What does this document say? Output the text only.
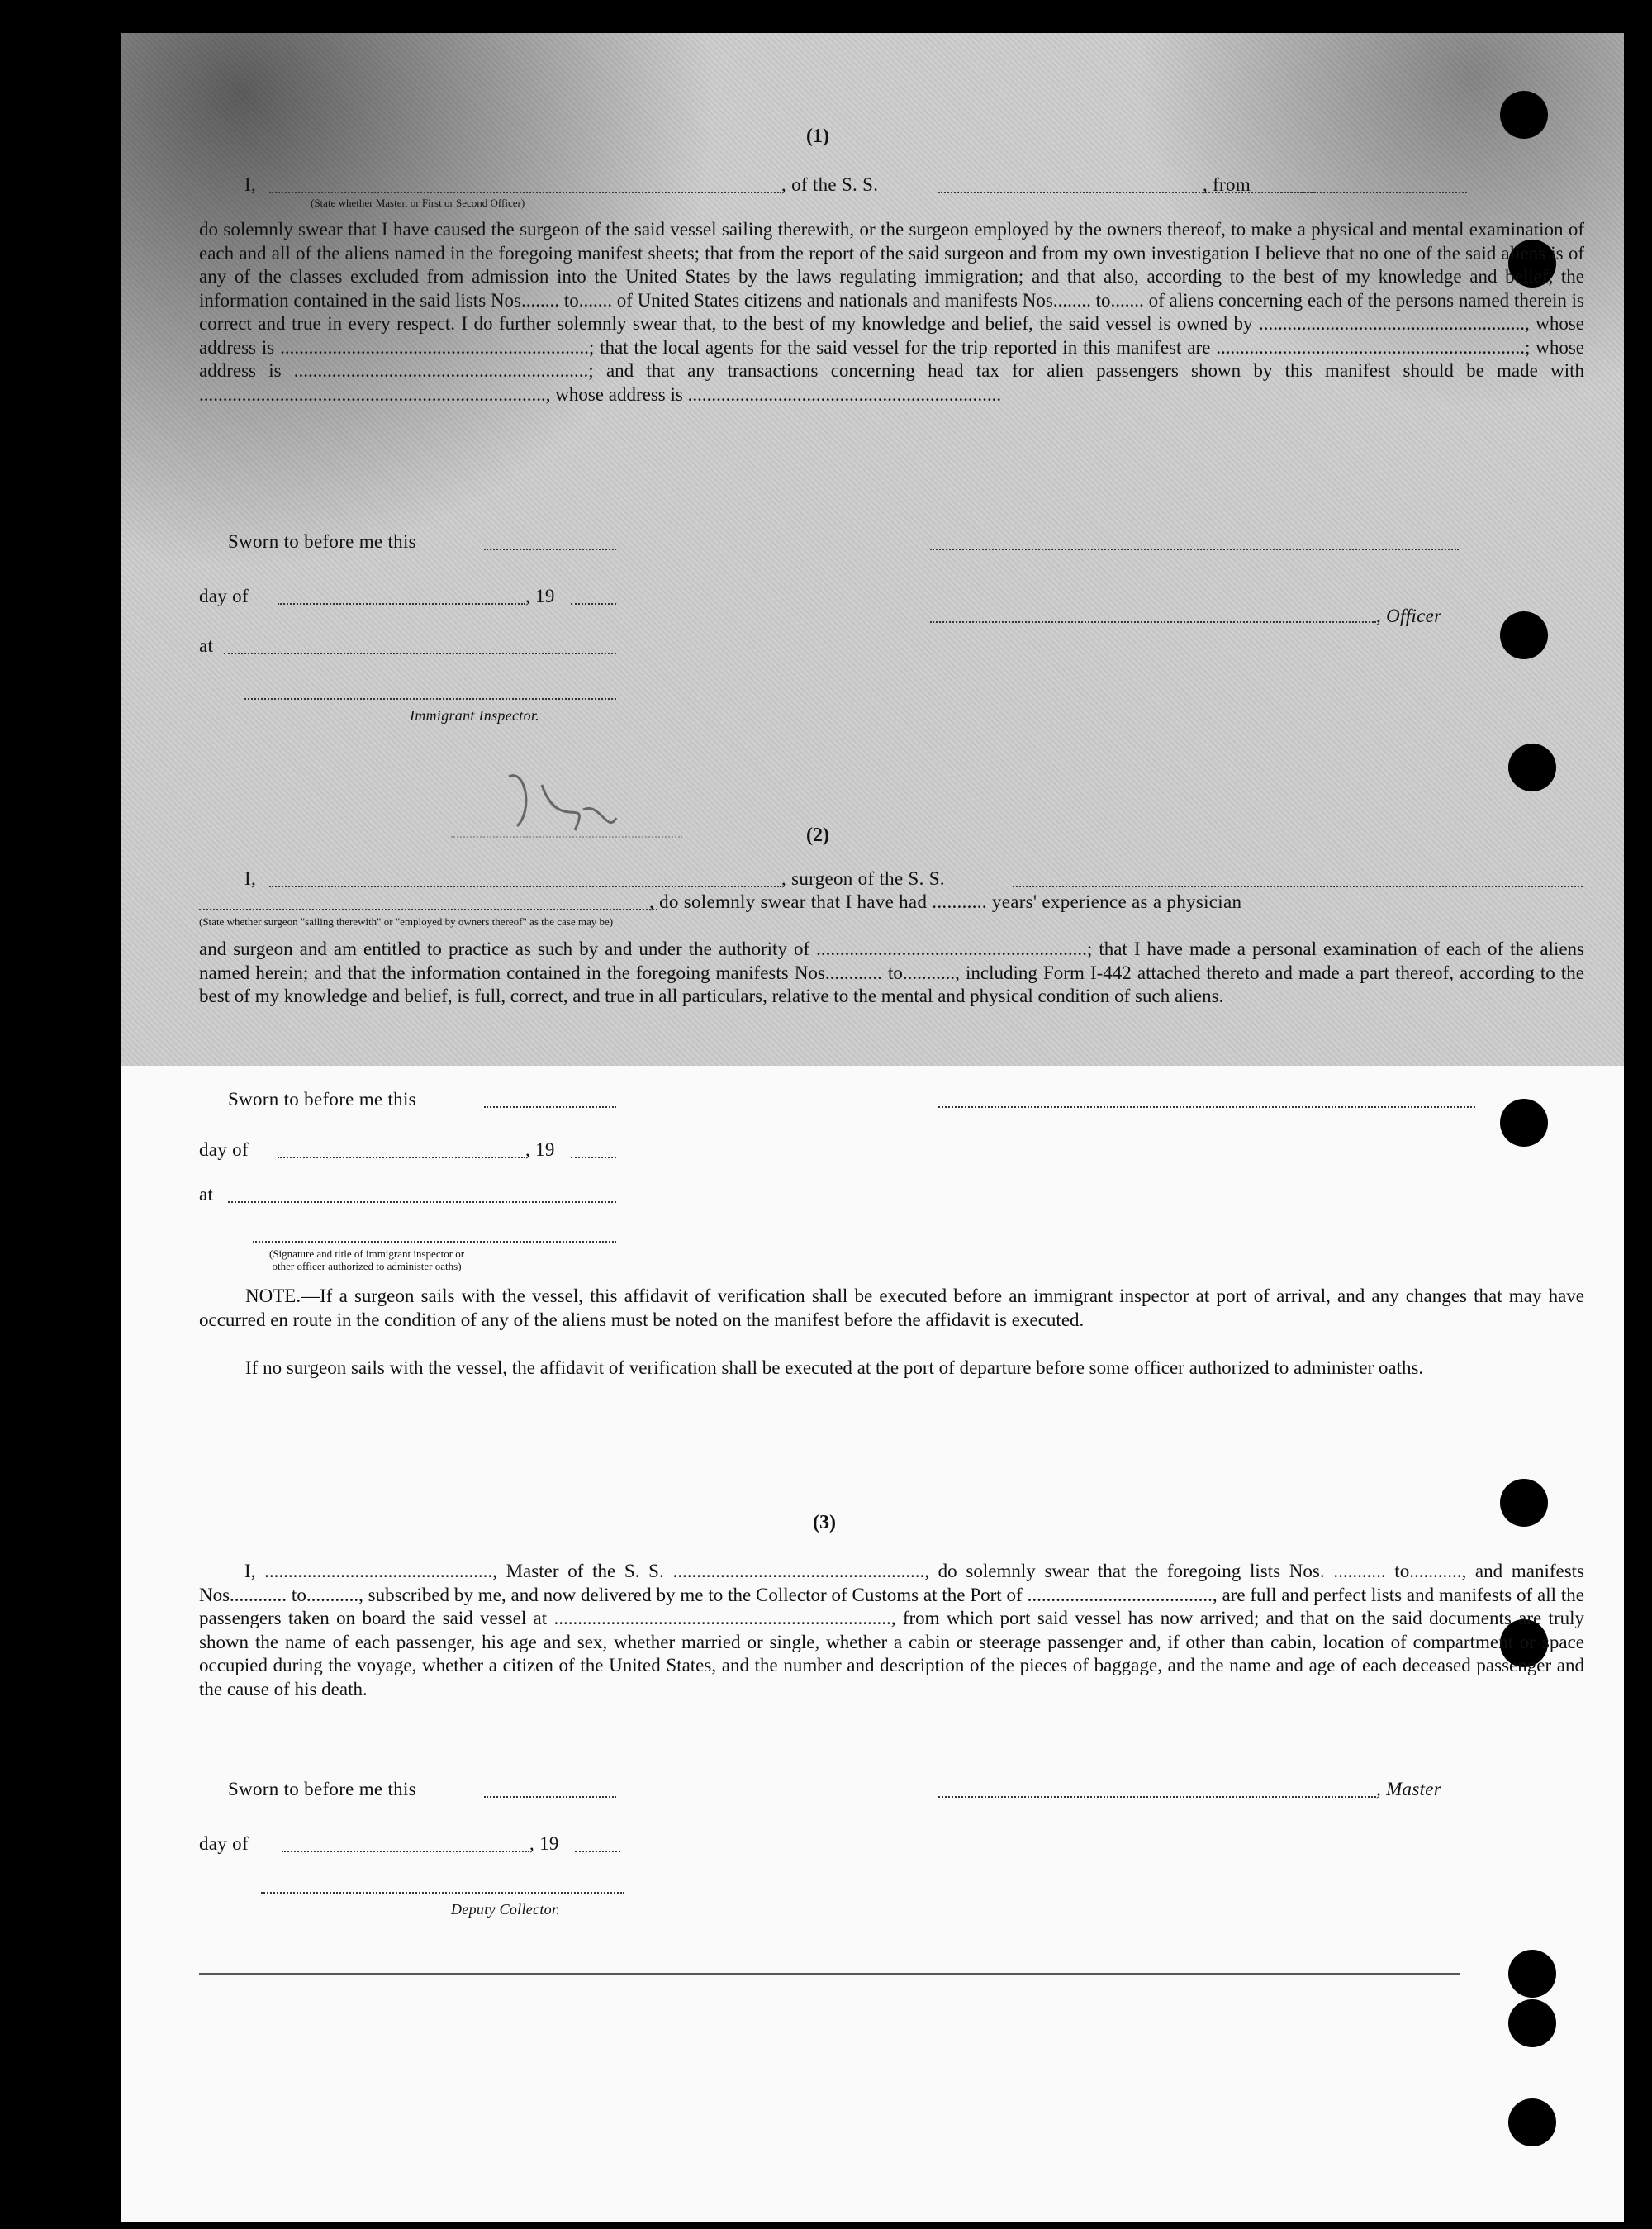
(1)
I,	, of the S. S.	, from
(State whether Master, or First or Second Officer)
do solemnly swear that I have caused the surgeon of the said vessel sailing therewith, or the surgeon employed by the owners thereof, to make a physical and mental examination of each and all of the aliens named in the foregoing manifest sheets; that from the report of the said surgeon and from my own investigation I believe that no one of the said aliens is of any of the classes excluded from admission into the United States by the laws regulating immigration; and that also, according to the best of my knowledge and belief, the information contained in the said lists Nos........ to....... of United States citizens and nationals and manifests Nos........ to....... of aliens concerning each of the persons named therein is correct and true in every respect. I do further solemnly swear that, to the best of my knowledge and belief, the said vessel is owned by ........................................................, whose address is .................................................................; that the local agents for the said vessel for the trip reported in this manifest are .................................................................; whose address is ..............................................................; and that any transactions concerning head tax for alien passengers shown by this manifest should be made with ........................................................................., whose address is ..................................................................
Sworn to before me this
day of	, 19
, Officer
at
Immigrant Inspector.
(2)
I,	, surgeon of the S. S.
, do solemnly swear that I have had ........... years' experience as a physician
(State whether surgeon "sailing therewith" or "employed by owners thereof" as the case may be)
and surgeon and am entitled to practice as such by and under the authority of .........................................................; that I have made a personal examination of each of the aliens named herein; and that the information contained in the foregoing manifests Nos............ to..........., including Form I-442 attached thereto and made a part thereof, according to the best of my knowledge and belief, is full, correct, and true in all particulars, relative to the mental and physical condition of such aliens.
Sworn to before me this
day of	, 19
at
(Signature and title of immigrant inspector or
other officer authorized to administer oaths)
NOTE.—If a surgeon sails with the vessel, this affidavit of verification shall be executed before an immigrant inspector at port of arrival, and any changes that may have occurred en route in the condition of any of the aliens must be noted on the manifest before the affidavit is executed.
If no surgeon sails with the vessel, the affidavit of verification shall be executed at the port of departure before some officer authorized to administer oaths.
(3)
I, ................................................, Master of the S. S. ....................................................., do solemnly swear that the foregoing lists Nos. ........... to..........., and manifests Nos............ to..........., subscribed by me, and now delivered by me to the Collector of Customs at the Port of ......................................., are full and perfect lists and manifests of all the passengers taken on board the said vessel at ......................................................................., from which port said vessel has now arrived; and that on the said documents are truly shown the name of each passenger, his age and sex, whether married or single, whether a cabin or steerage passenger and, if other than cabin, location of compartment or space occupied during the voyage, whether a citizen of the United States, and the number and description of the pieces of baggage, and the name and age of each deceased passenger and the cause of his death.
Sworn to before me this	, Master
day of	, 19
Deputy Collector.
